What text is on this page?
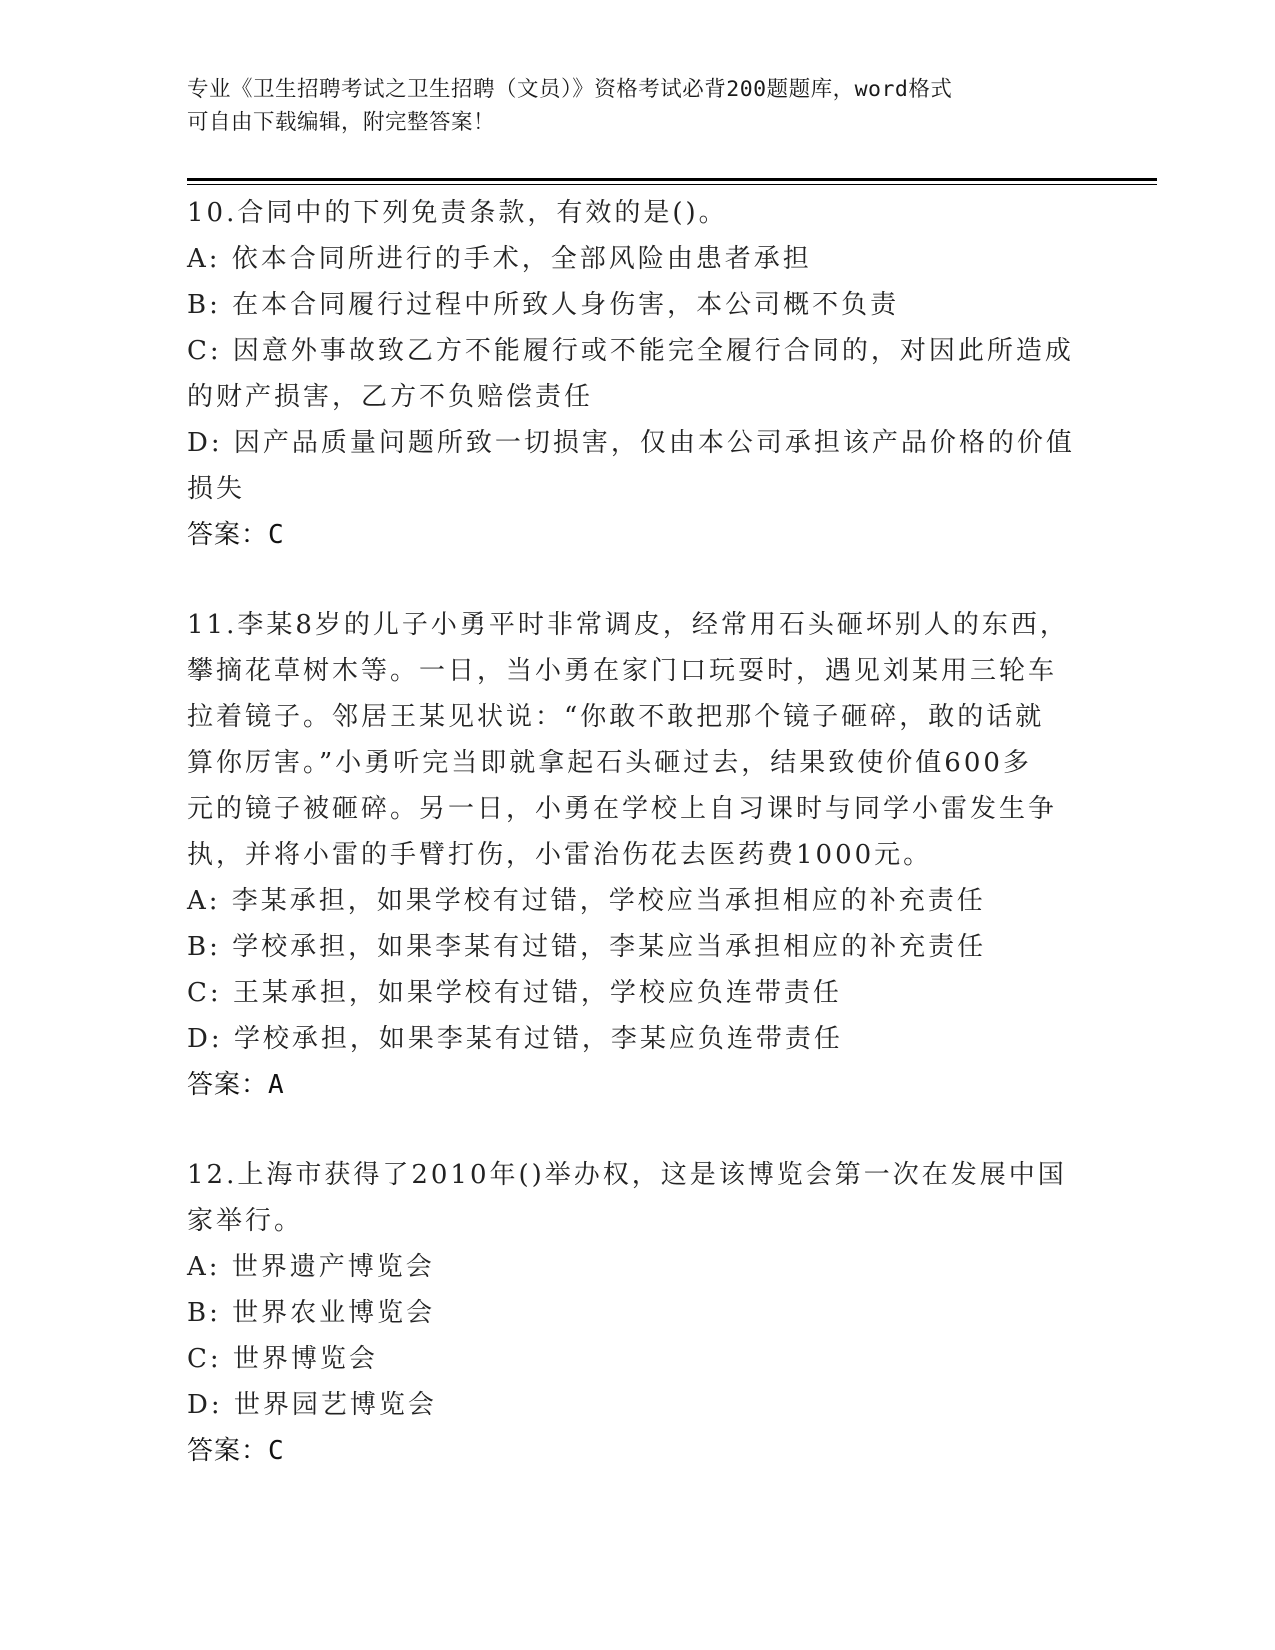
专业《卫生招聘考试之卫生招聘（文员）》资格考试必背200题题库，word格式
可自由下载编辑，附完整答案！
10.合同中的下列免责条款，有效的是()。
A: 依本合同所进行的手术，全部风险由患者承担
B: 在本合同履行过程中所致人身伤害，本公司概不负责
C: 因意外事故致乙方不能履行或不能完全履行合同的，对因此所造成
的财产损害，乙方不负赔偿责任
D: 因产品质量问题所致一切损害，仅由本公司承担该产品价格的价值
损失
答案：C
11.李某8岁的儿子小勇平时非常调皮，经常用石头砸坏别人的东西，
攀摘花草树木等。一日，当小勇在家门口玩耍时，遇见刘某用三轮车
拉着镜子。邻居王某见状说：“你敢不敢把那个镜子砸碎，敢的话就
算你厉害。”小勇听完当即就拿起石头砸过去，结果致使价值600多
元的镜子被砸碎。另一日，小勇在学校上自习课时与同学小雷发生争
执，并将小雷的手臂打伤，小雷治伤花去医药费1000元。
A: 李某承担，如果学校有过错，学校应当承担相应的补充责任
B: 学校承担，如果李某有过错，李某应当承担相应的补充责任
C: 王某承担，如果学校有过错，学校应负连带责任
D: 学校承担，如果李某有过错，李某应负连带责任
答案：A
12.上海市获得了2010年()举办权，这是该博览会第一次在发展中国
家举行。
A: 世界遗产博览会
B: 世界农业博览会
C: 世界博览会
D: 世界园艺博览会
答案：C
